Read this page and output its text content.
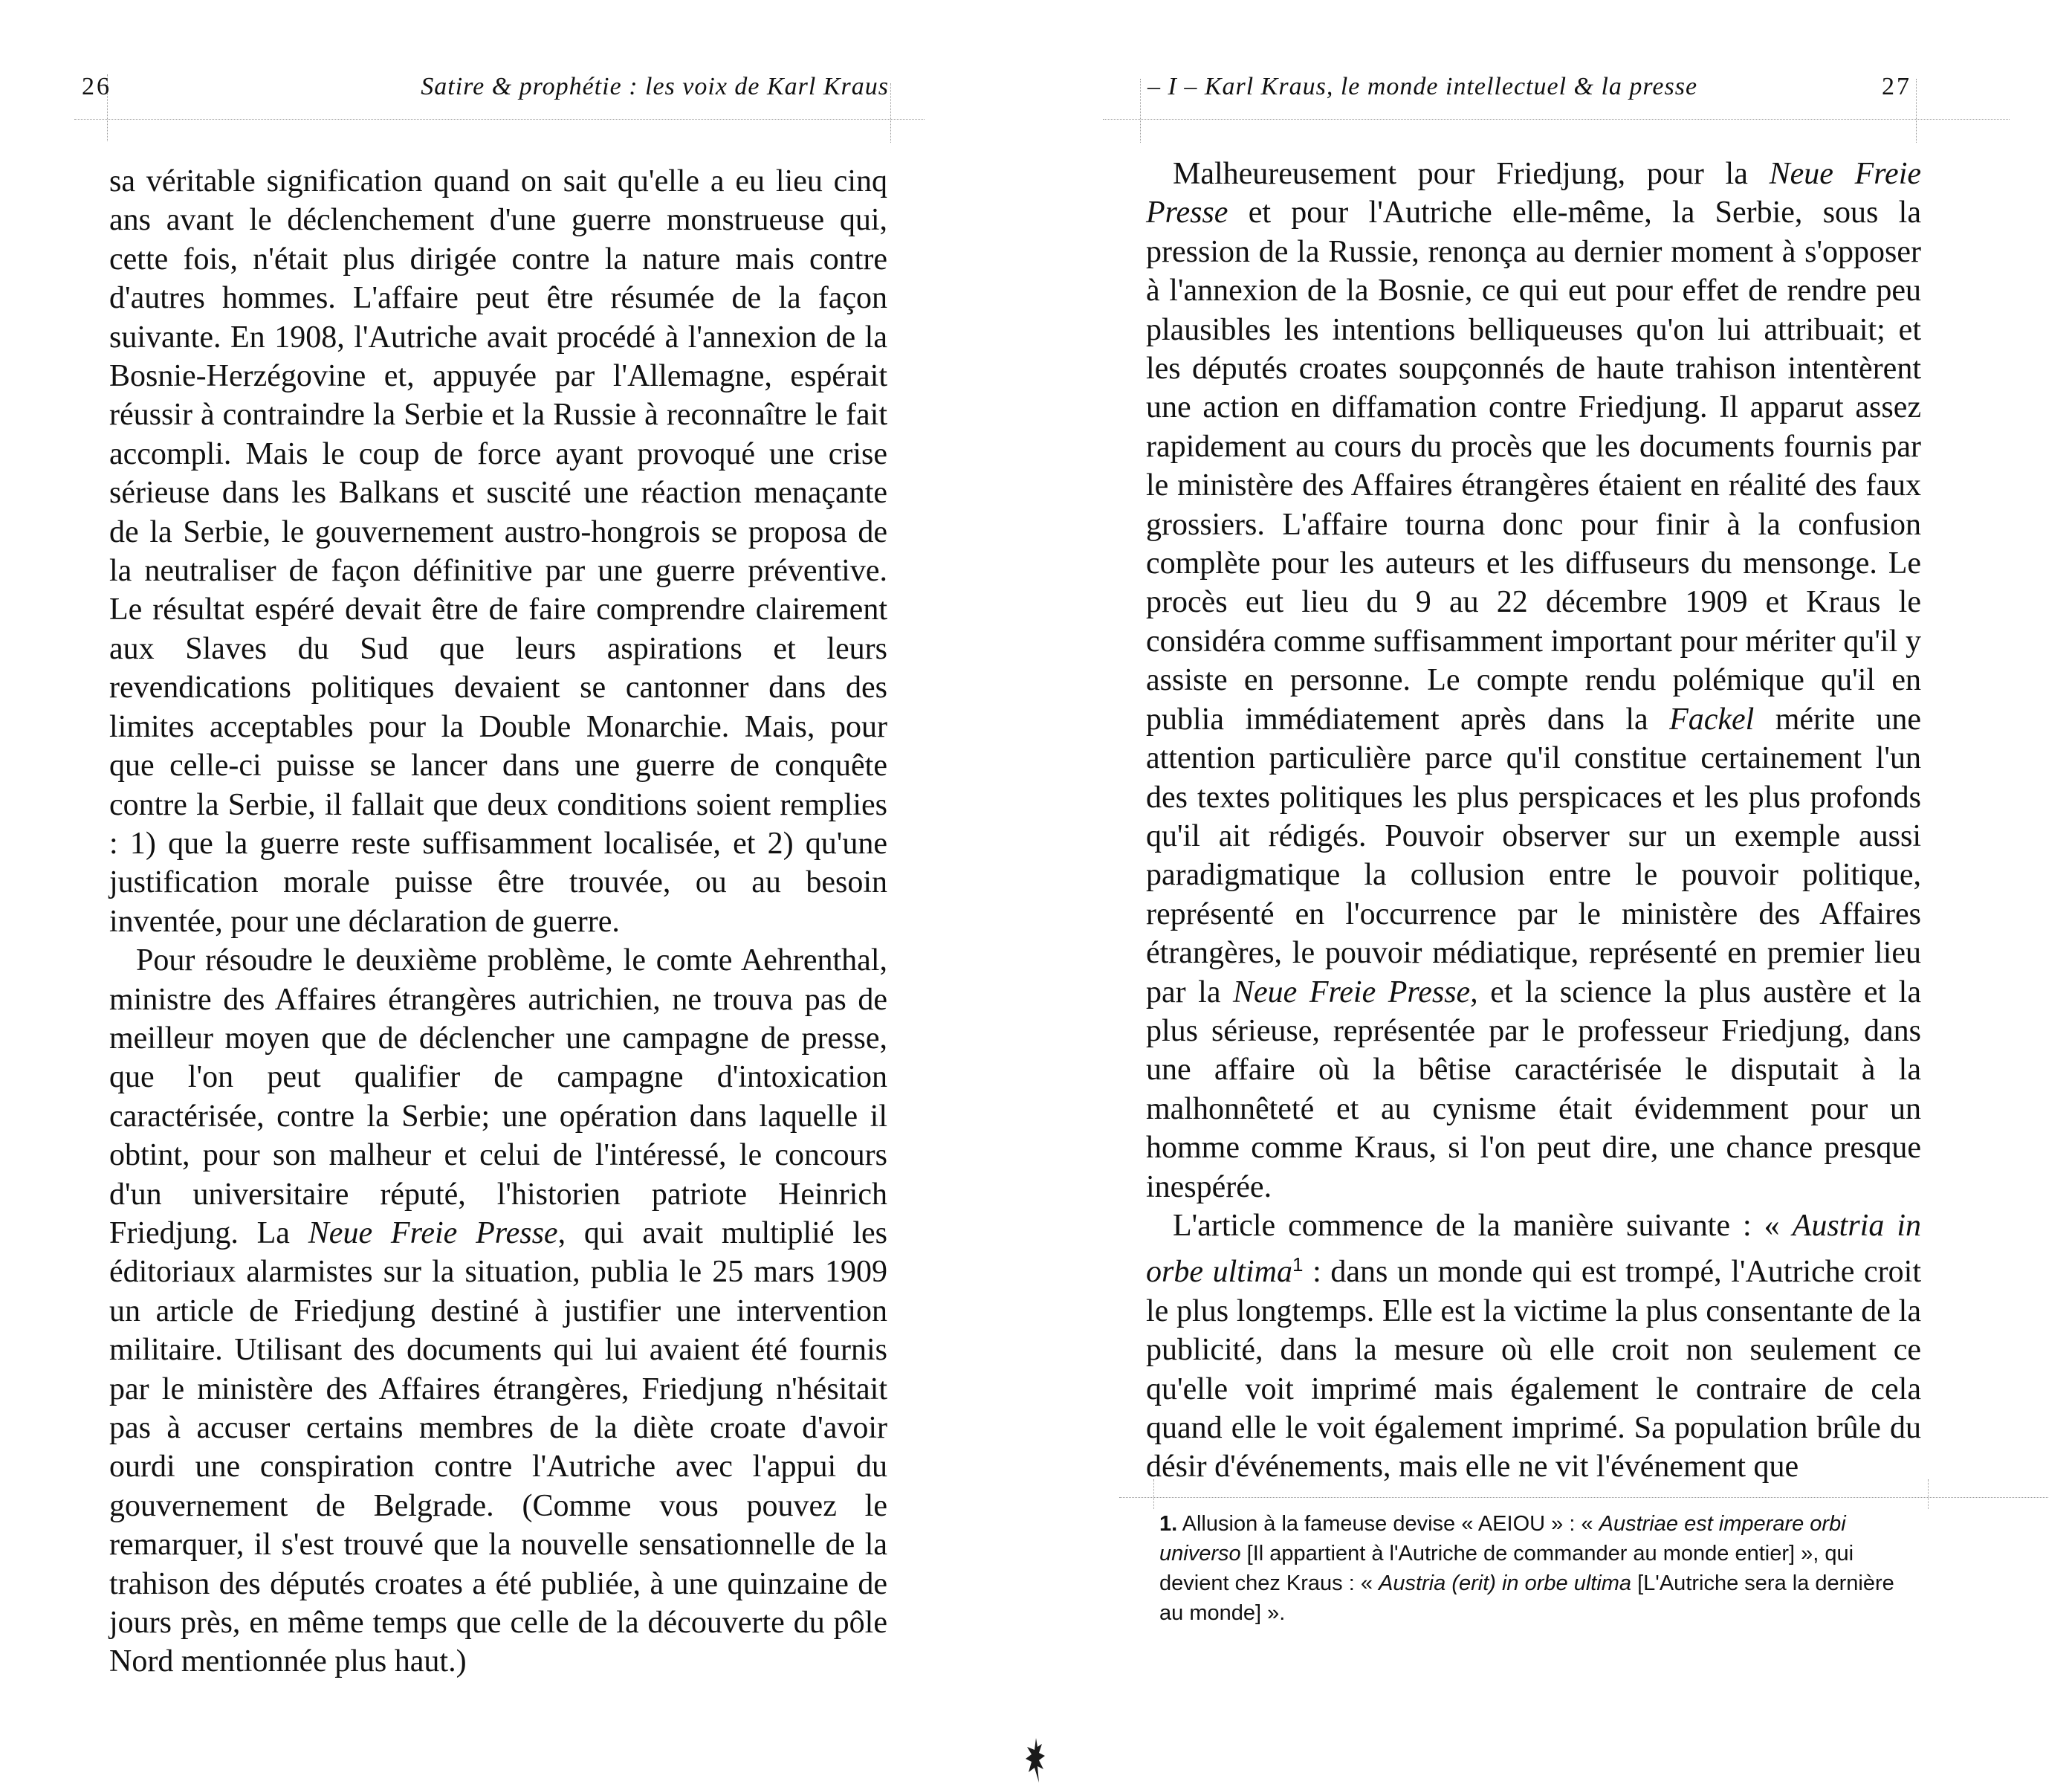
26	Satire & prophétie : les voix de Karl Kraus

sa véritable signification quand on sait qu'elle a eu lieu cinq ans avant le déclenchement d'une guerre monstrueuse qui, cette fois, n'était plus dirigée contre la nature mais contre d'autres hommes. L'affaire peut être résumée de la façon suivante. En 1908, l'Autriche avait procédé à l'annexion de la Bosnie-Herzégovine et, appuyée par l'Allemagne, espérait réussir à contraindre la Serbie et la Russie à reconnaître le fait accompli. Mais le coup de force ayant provoqué une crise sérieuse dans les Balkans et suscité une réaction menaçante de la Serbie, le gouvernement austro-hongrois se proposa de la neutraliser de façon définitive par une guerre préventive. Le résultat espéré devait être de faire comprendre clairement aux Slaves du Sud que leurs aspirations et leurs revendications politiques devaient se cantonner dans des limites acceptables pour la Double Monarchie. Mais, pour que celle-ci puisse se lancer dans une guerre de conquête contre la Serbie, il fallait que deux conditions soient remplies : 1) que la guerre reste suffisamment localisée, et 2) qu'une justification morale puisse être trouvée, ou au besoin inventée, pour une déclaration de guerre.

Pour résoudre le deuxième problème, le comte Aehrenthal, ministre des Affaires étrangères autrichien, ne trouva pas de meilleur moyen que de déclencher une campagne de presse, que l'on peut qualifier de campagne d'intoxication caractérisée, contre la Serbie; une opération dans laquelle il obtint, pour son malheur et celui de l'intéressé, le concours d'un universitaire réputé, l'historien patriote Heinrich Friedjung. La Neue Freie Presse, qui avait multiplié les éditoriaux alarmistes sur la situation, publia le 25 mars 1909 un article de Friedjung destiné à justifier une intervention militaire. Utilisant des documents qui lui avaient été fournis par le ministère des Affaires étrangères, Friedjung n'hésitait pas à accuser certains membres de la diète croate d'avoir ourdi une conspiration contre l'Autriche avec l'appui du gouvernement de Belgrade. (Comme vous pouvez le remarquer, il s'est trouvé que la nouvelle sensationnelle de la trahison des députés croates a été publiée, à une quinzaine de jours près, en même temps que celle de la découverte du pôle Nord mentionnée plus haut.)

– I – Karl Kraus, le monde intellectuel & la presse	27

Malheureusement pour Friedjung, pour la Neue Freie Presse et pour l'Autriche elle-même, la Serbie, sous la pression de la Russie, renonça au dernier moment à s'opposer à l'annexion de la Bosnie, ce qui eut pour effet de rendre peu plausibles les intentions belliqueuses qu'on lui attribuait; et les députés croates soupçonnés de haute trahison intentèrent une action en diffamation contre Friedjung. Il apparut assez rapidement au cours du procès que les documents fournis par le ministère des Affaires étrangères étaient en réalité des faux grossiers. L'affaire tourna donc pour finir à la confusion complète pour les auteurs et les diffuseurs du mensonge. Le procès eut lieu du 9 au 22 décembre 1909 et Kraus le considéra comme suffisamment important pour mériter qu'il y assiste en personne. Le compte rendu polémique qu'il en publia immédiatement après dans la Fackel mérite une attention particulière parce qu'il constitue certainement l'un des textes politiques les plus perspicaces et les plus profonds qu'il ait rédigés. Pouvoir observer sur un exemple aussi paradigmatique la collusion entre le pouvoir politique, représenté en l'occurrence par le ministère des Affaires étrangères, le pouvoir médiatique, représenté en premier lieu par la Neue Freie Presse, et la science la plus austère et la plus sérieuse, représentée par le professeur Friedjung, dans une affaire où la bêtise caractérisée le disputait à la malhonnêteté et au cynisme était évidemment pour un homme comme Kraus, si l'on peut dire, une chance presque inespérée.

L'article commence de la manière suivante : « Austria in orbe ultima$^1$ : dans un monde qui est trompé, l'Autriche croit le plus longtemps. Elle est la victime la plus consentante de la publicité, dans la mesure où elle croit non seulement ce qu'elle voit imprimé mais également le contraire de cela quand elle le voit également imprimé. Sa population brûle du désir d'événements, mais elle ne vit l'événement que

1. Allusion à la fameuse devise « AEIOU » : « Austriae est imperare orbi universo [Il appartient à l'Autriche de commander au monde entier] », qui devient chez Kraus : « Austria (erit) in orbe ultima [L'Autriche sera la dernière au monde] ».
